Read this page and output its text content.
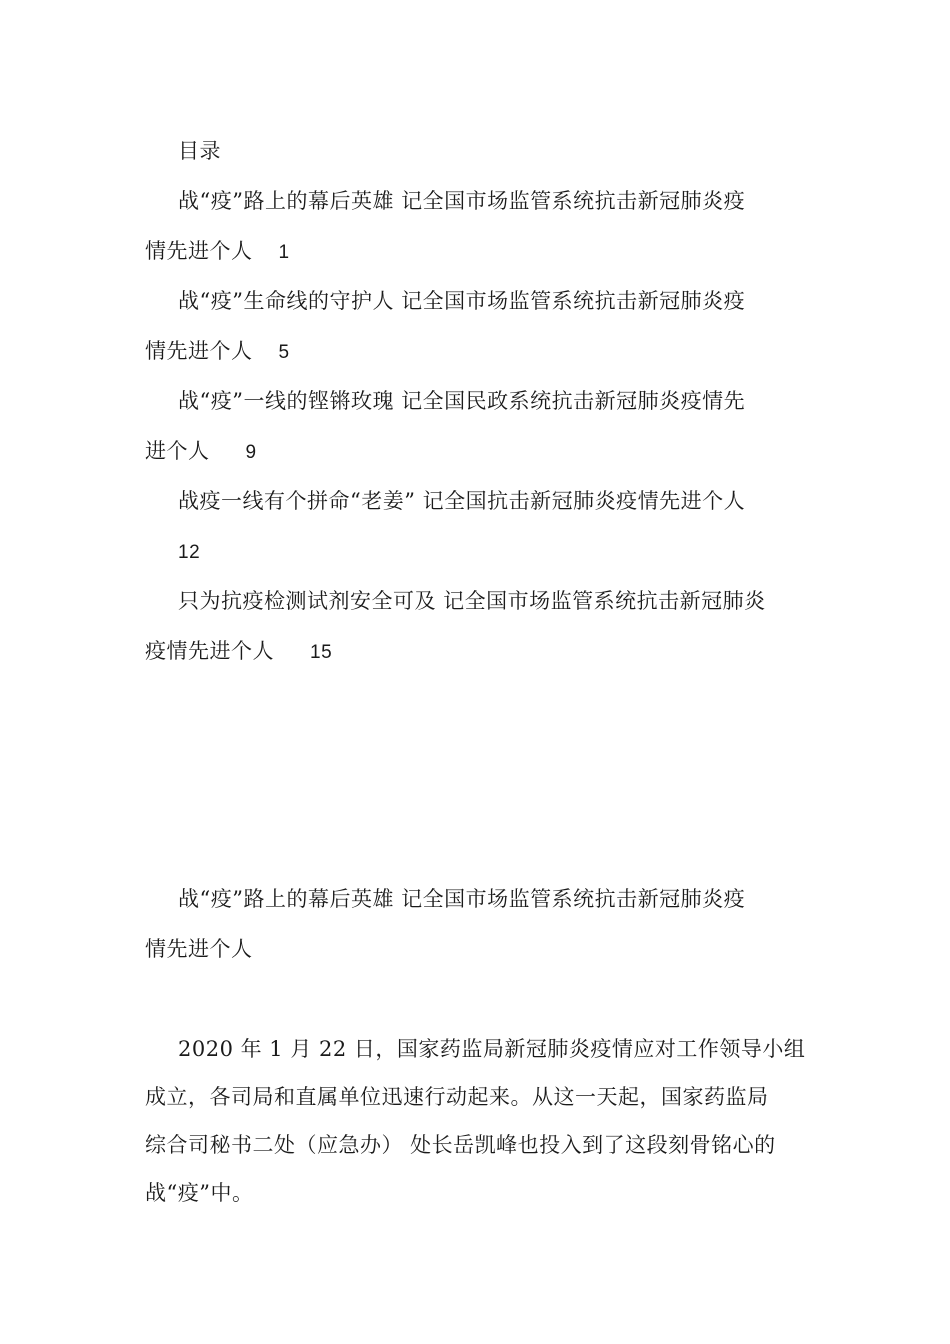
目录
战“疫”路上的幕后英雄 记全国市场监管系统抗击新冠肺炎疫
情先进个人 1
战“疫”生命线的守护人 记全国市场监管系统抗击新冠肺炎疫
情先进个人 5
战“疫”一线的铿锵玫瑰 记全国民政系统抗击新冠肺炎疫情先
进个人 9
战疫一线有个拼命“老姜” 记全国抗击新冠肺炎疫情先进个人
12
只为抗疫检测试剂安全可及 记全国市场监管系统抗击新冠肺炎
疫情先进个人 15
战“疫”路上的幕后英雄 记全国市场监管系统抗击新冠肺炎疫
情先进个人
2020 年 1 月 22 日，国家药监局新冠肺炎疫情应对工作领导小组
成立，各司局和直属单位迅速行动起来。从这一天起，国家药监局
综合司秘书二处（应急办） 处长岳凯峰也投入到了这段刻骨铭心的
战“疫”中。
